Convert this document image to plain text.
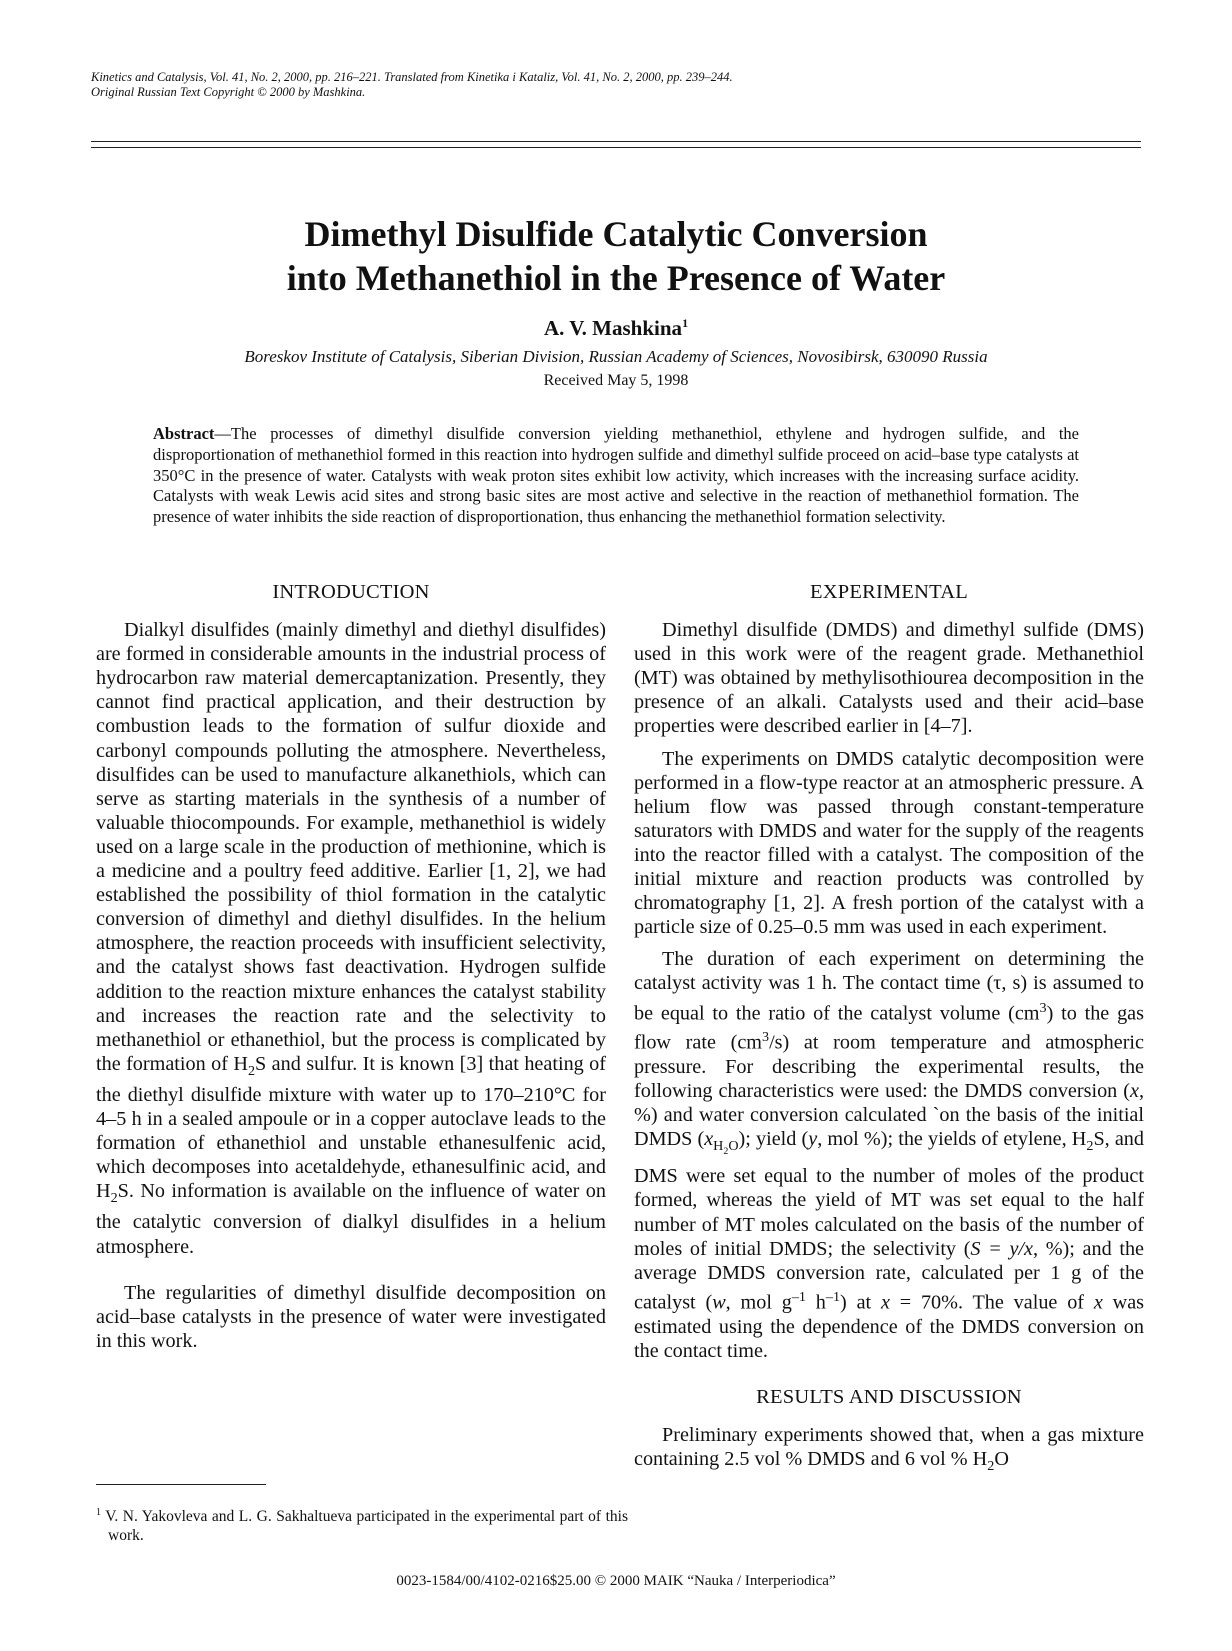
Kinetics and Catalysis, Vol. 41, No. 2, 2000, pp. 216–221. Translated from Kinetika i Kataliz, Vol. 41, No. 2, 2000, pp. 239–244.
Original Russian Text Copyright © 2000 by Mashkina.
Dimethyl Disulfide Catalytic Conversion
into Methanethiol in the Presence of Water
A. V. Mashkina$^1$
Boreskov Institute of Catalysis, Siberian Division, Russian Academy of Sciences, Novosibirsk, 630090 Russia
Received May 5, 1998

Abstract—The processes of dimethyl disulfide conversion yielding methanethiol, ethylene and hydrogen sulfide, and the disproportionation of methanethiol formed in this reaction into hydrogen sulfide and dimethyl sulfide proceed on acid–base type catalysts at 350°C in the presence of water. Catalysts with weak proton sites exhibit low activity, which increases with the increasing surface acidity. Catalysts with weak Lewis acid sites and strong basic sites are most active and selective in the reaction of methanethiol formation. The presence of water inhibits the side reaction of disproportionation, thus enhancing the methanethiol formation selectivity.

INTRODUCTION

Dialkyl disulfides (mainly dimethyl and diethyl disulfides) are formed in considerable amounts in the industrial process of hydrocarbon raw material demercaptanization. Presently, they cannot find practical application, and their destruction by combustion leads to the formation of sulfur dioxide and carbonyl compounds polluting the atmosphere. Nevertheless, disulfides can be used to manufacture alkanethiols, which can serve as starting materials in the synthesis of a number of valuable thiocompounds. For example, methanethiol is widely used on a large scale in the production of methionine, which is a medicine and a poultry feed additive. Earlier [1, 2], we had established the possibility of thiol formation in the catalytic conversion of dimethyl and diethyl disulfides. In the helium atmosphere, the reaction proceeds with insufficient selectivity, and the catalyst shows fast deactivation. Hydrogen sulfide addition to the reaction mixture enhances the catalyst stability and increases the reaction rate and the selectivity to methanethiol or ethanethiol, but the process is complicated by the formation of $H_2S$ and sulfur. It is known [3] that heating of the diethyl disulfide mixture with water up to 170–210°C for 4–5 h in a sealed ampoule or in a copper autoclave leads to the formation of ethanethiol and unstable ethanesulfenic acid, which decomposes into acetaldehyde, ethanesulfinic acid, and $H_2S$. No information is available on the influence of water on the catalytic conversion of dialkyl disulfides in a helium atmosphere.

The regularities of dimethyl disulfide decomposition on acid–base catalysts in the presence of water were investigated in this work.

EXPERIMENTAL

Dimethyl disulfide (DMDS) and dimethyl sulfide (DMS) used in this work were of the reagent grade. Methanethiol (MT) was obtained by methylisothiourea decomposition in the presence of an alkali. Catalysts used and their acid–base properties were described earlier in [4–7].

The experiments on DMDS catalytic decomposition were performed in a flow-type reactor at an atmospheric pressure. A helium flow was passed through constant-temperature saturators with DMDS and water for the supply of the reagents into the reactor filled with a catalyst. The composition of the initial mixture and reaction products was controlled by chromatography [1, 2]. A fresh portion of the catalyst with a particle size of 0.25–0.5 mm was used in each experiment.

The duration of each experiment on determining the catalyst activity was 1 h. The contact time (τ, s) is assumed to be equal to the ratio of the catalyst volume $(cm^3)$ to the gas flow rate $(cm^3/s)$ at room temperature and atmospheric pressure. For describing the experimental results, the following characteristics were used: the DMDS conversion (x, %) and water conversion calculated `on the basis of the initial DMDS $(x_{H_2O})$; yield (y, mol %); the yields of etylene, $H_2S$, and DMS were set equal to the number of moles of the product formed, whereas the yield of MT was set equal to the half number of MT moles calculated on the basis of the number of moles of initial DMDS; the selectivity (S = y/x, %); and the average DMDS conversion rate, calculated per 1 g of the catalyst (w, mol $g^{-1}$ $h^{-1}$) at x = 70%. The value of x was estimated using the dependence of the DMDS conversion on the contact time.

RESULTS AND DISCUSSION

Preliminary experiments showed that, when a gas mixture containing 2.5 vol % DMDS and 6 vol % $H_2O$

$^1$ V. N. Yakovleva and L. G. Sakhaltueva participated in the experimental part of this work.
0023-1584/00/4102-0216$25.00 © 2000 MAIK “Nauka / Interperiodica”
